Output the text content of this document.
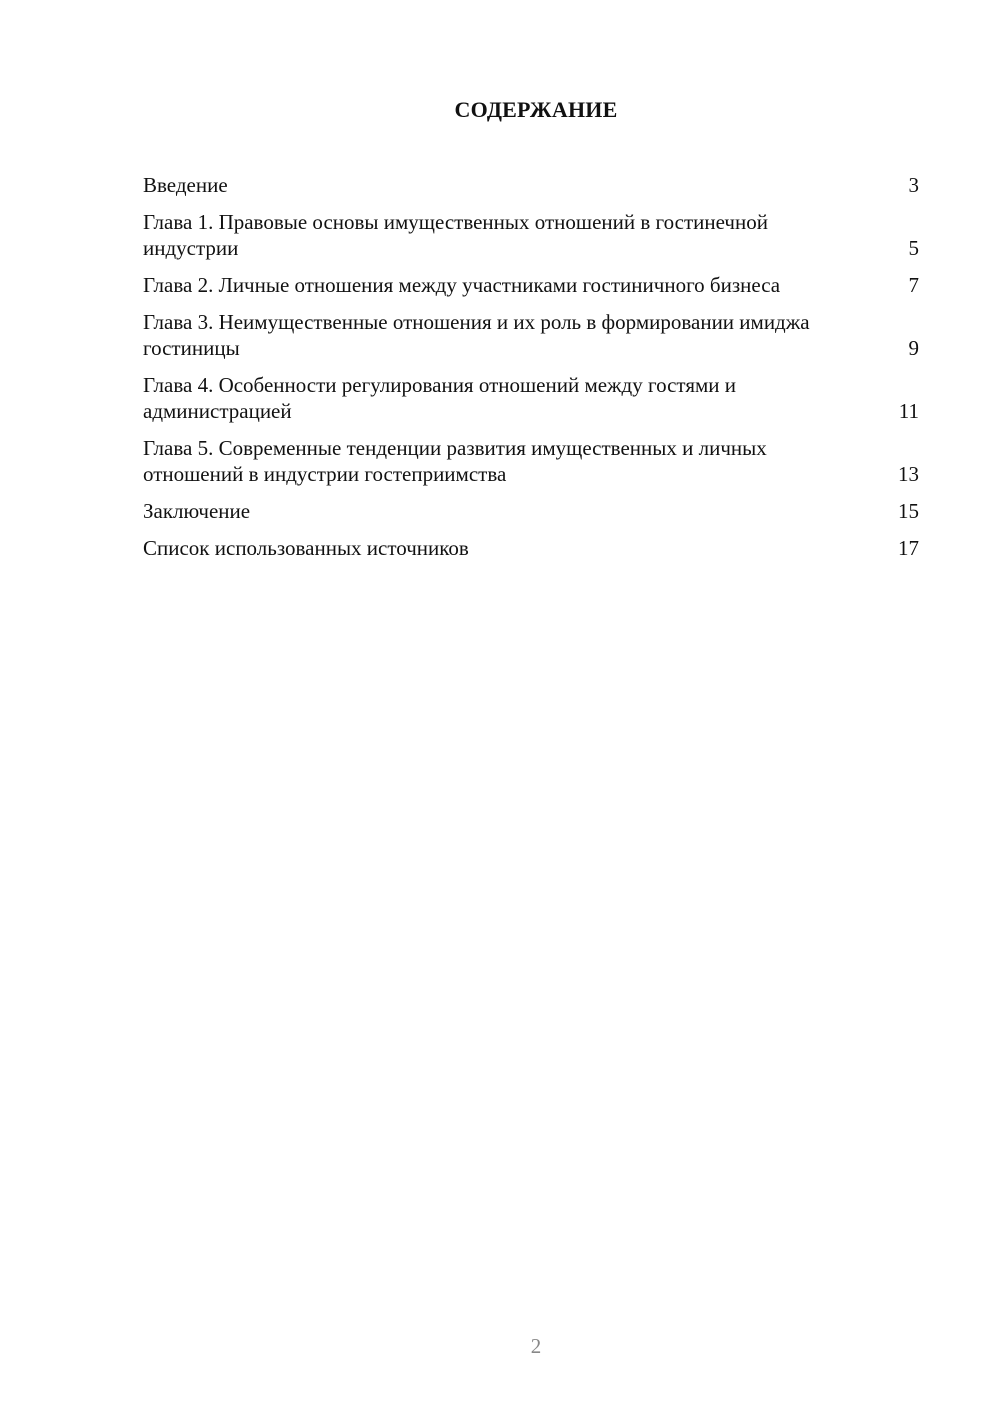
СОДЕРЖАНИЕ
Введение	3
Глава 1. Правовые основы имущественных отношений в гостинечной индустрии	5
Глава 2. Личные отношения между участниками гостиничного бизнеса	7
Глава 3. Неимущественные отношения и их роль в формировании имиджа гостиницы	9
Глава 4. Особенности регулирования отношений между гостями и администрацией	11
Глава 5. Современные тенденции развития имущественных и личных отношений в индустрии гостеприимства	13
Заключение	15
Список использованных источников	17
2
